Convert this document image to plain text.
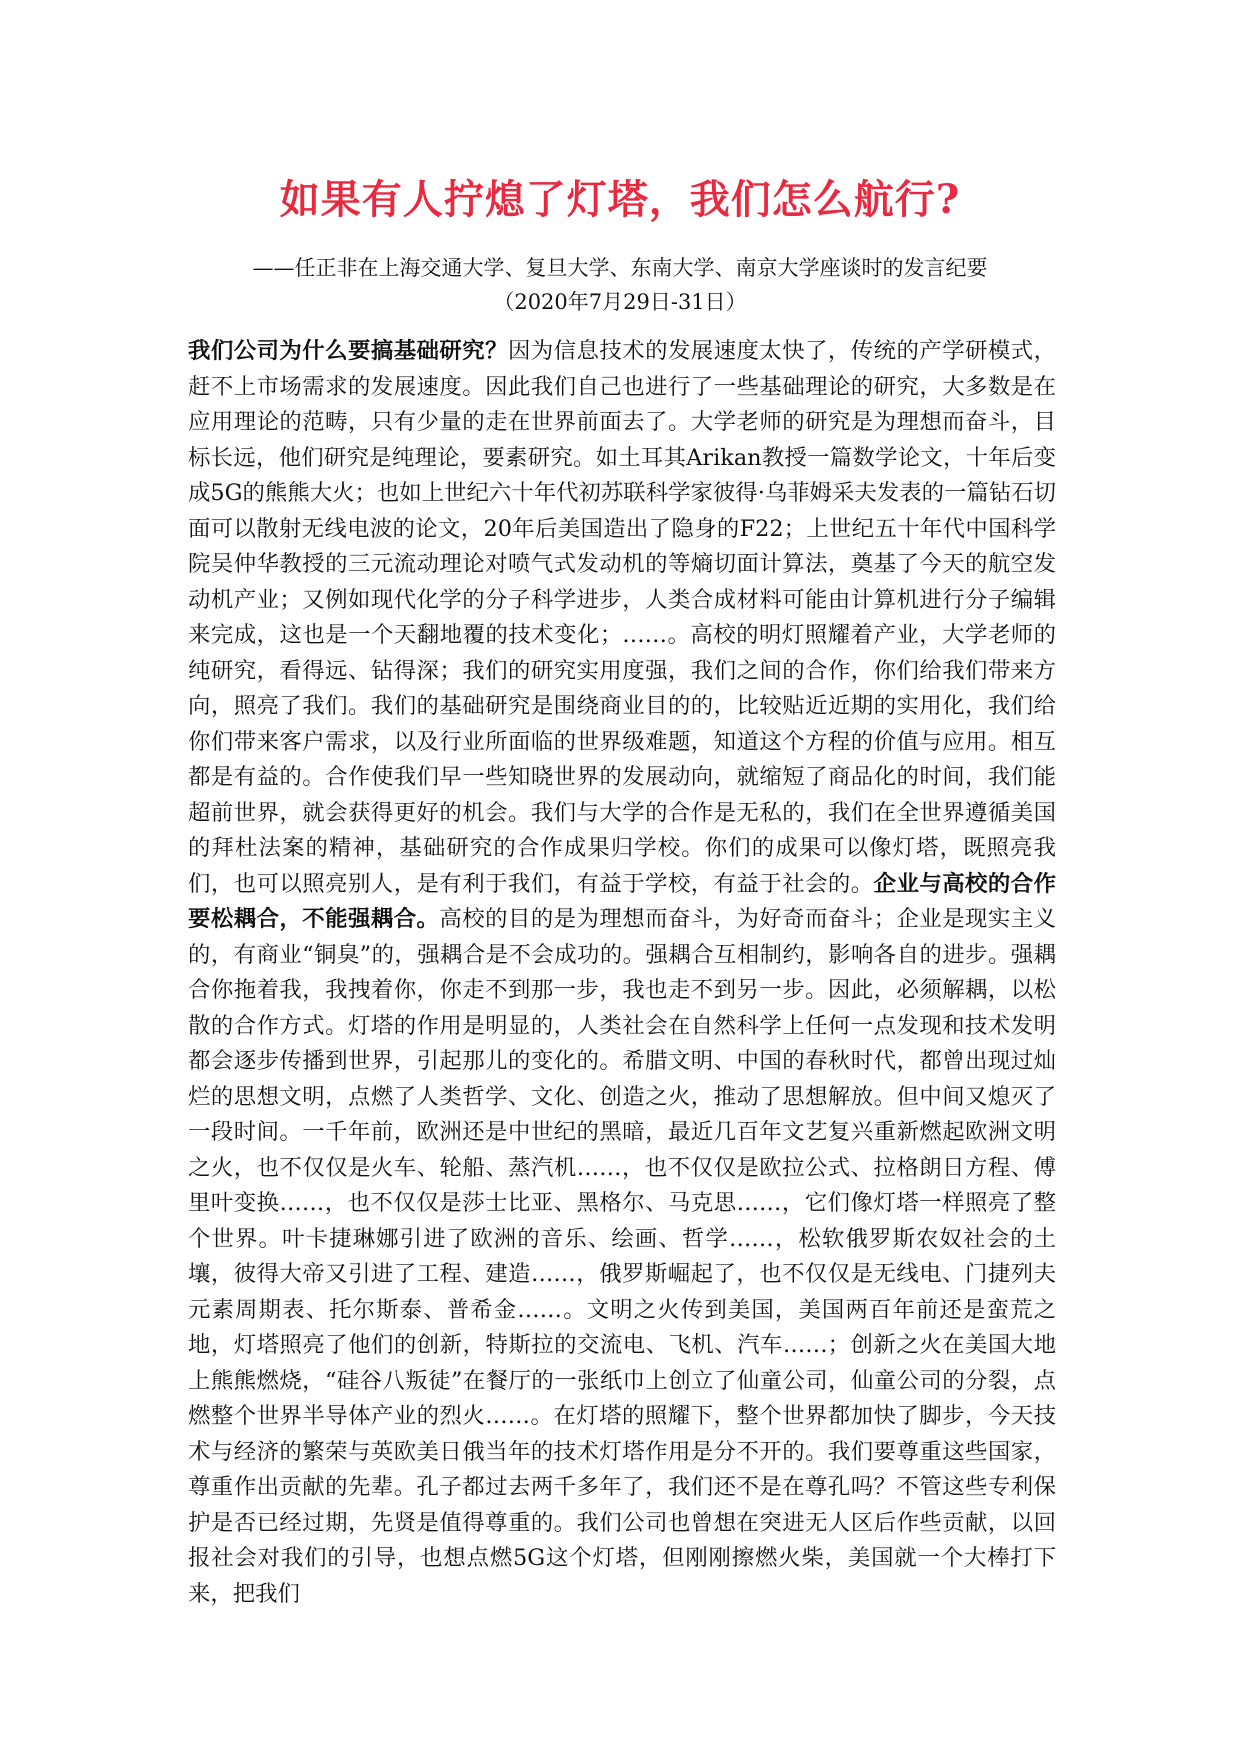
如果有人拧熄了灯塔，我们怎么航行?

——任正非在上海交通大学、复旦大学、东南大学、南京大学座谈时的发言纪要

（2020年7月29日-31日）

我们公司为什么要搞基础研究？因为信息技术的发展速度太快了，传统的产学研模式，赶不上市场需求的发展速度。因此我们自己也进行了一些基础理论的研究，大多数是在应用理论的范畴，只有少量的走在世界前面去了。大学老师的研究是为理想而奋斗，目标长远，他们研究是纯理论，要素研究。如土耳其Arikan教授一篇数学论文，十年后变成5G的熊熊大火；也如上世纪六十年代初苏联科学家彼得·乌菲姆采夫发表的一篇钻石切面可以散射无线电波的论文，20年后美国造出了隐身的F22；上世纪五十年代中国科学院吴仲华教授的三元流动理论对喷气式发动机的等熵切面计算法，奠基了今天的航空发动机产业；又例如现代化学的分子科学进步，人类合成材料可能由计算机进行分子编辑来完成，这也是一个天翻地覆的技术变化；……。高校的明灯照耀着产业，大学老师的纯研究，看得远、钻得深；我们的研究实用度强，我们之间的合作，你们给我们带来方向，照亮了我们。我们的基础研究是围绕商业目的的，比较贴近近期的实用化，我们给你们带来客户需求，以及行业所面临的世界级难题，知道这个方程的价值与应用。相互都是有益的。合作使我们早一些知晓世界的发展动向，就缩短了商品化的时间，我们能超前世界，就会获得更好的机会。我们与大学的合作是无私的，我们在全世界遵循美国的拜杜法案的精神，基础研究的合作成果归学校。你们的成果可以像灯塔，既照亮我们，也可以照亮别人，是有利于我们，有益于学校，有益于社会的。企业与高校的合作要松耦合，不能强耦合。高校的目的是为理想而奋斗，为好奇而奋斗；企业是现实主义的，有商业“铜臭”的，强耦合是不会成功的。强耦合互相制约，影响各自的进步。强耦合你拖着我，我拽着你，你走不到那一步，我也走不到另一步。因此，必须解耦，以松散的合作方式。灯塔的作用是明显的，人类社会在自然科学上任何一点发现和技术发明都会逐步传播到世界，引起那儿的变化的。希腊文明、中国的春秋时代，都曾出现过灿烂的思想文明，点燃了人类哲学、文化、创造之火，推动了思想解放。但中间又熄灭了一段时间。一千年前，欧洲还是中世纪的黑暗，最近几百年文艺复兴重新燃起欧洲文明之火，也不仅仅是火车、轮船、蒸汽机……，也不仅仅是欧拉公式、拉格朗日方程、傅里叶变换……，也不仅仅是莎士比亚、黑格尔、马克思……，它们像灯塔一样照亮了整个世界。叶卡捷琳娜引进了欧洲的音乐、绘画、哲学……，松软俄罗斯农奴社会的土壤，彼得大帝又引进了工程、建造……，俄罗斯崛起了，也不仅仅是无线电、门捷列夫元素周期表、托尔斯泰、普希金……。文明之火传到美国，美国两百年前还是蛮荒之地，灯塔照亮了他们的创新，特斯拉的交流电、飞机、汽车……；创新之火在美国大地上熊熊燃烧，“硅谷八叛徒”在餐厅的一张纸巾上创立了仙童公司，仙童公司的分裂，点燃整个世界半导体产业的烈火……。在灯塔的照耀下，整个世界都加快了脚步，今天技术与经济的繁荣与英欧美日俄当年的技术灯塔作用是分不开的。我们要尊重这些国家，尊重作出贡献的先辈。孔子都过去两千多年了，我们还不是在尊孔吗？不管这些专利保护是否已经过期，先贤是值得尊重的。我们公司也曾想在突进无人区后作些贡献，以回报社会对我们的引导，也想点燃5G这个灯塔，但刚刚擦燃火柴，美国就一个大棒打下来，把我们
